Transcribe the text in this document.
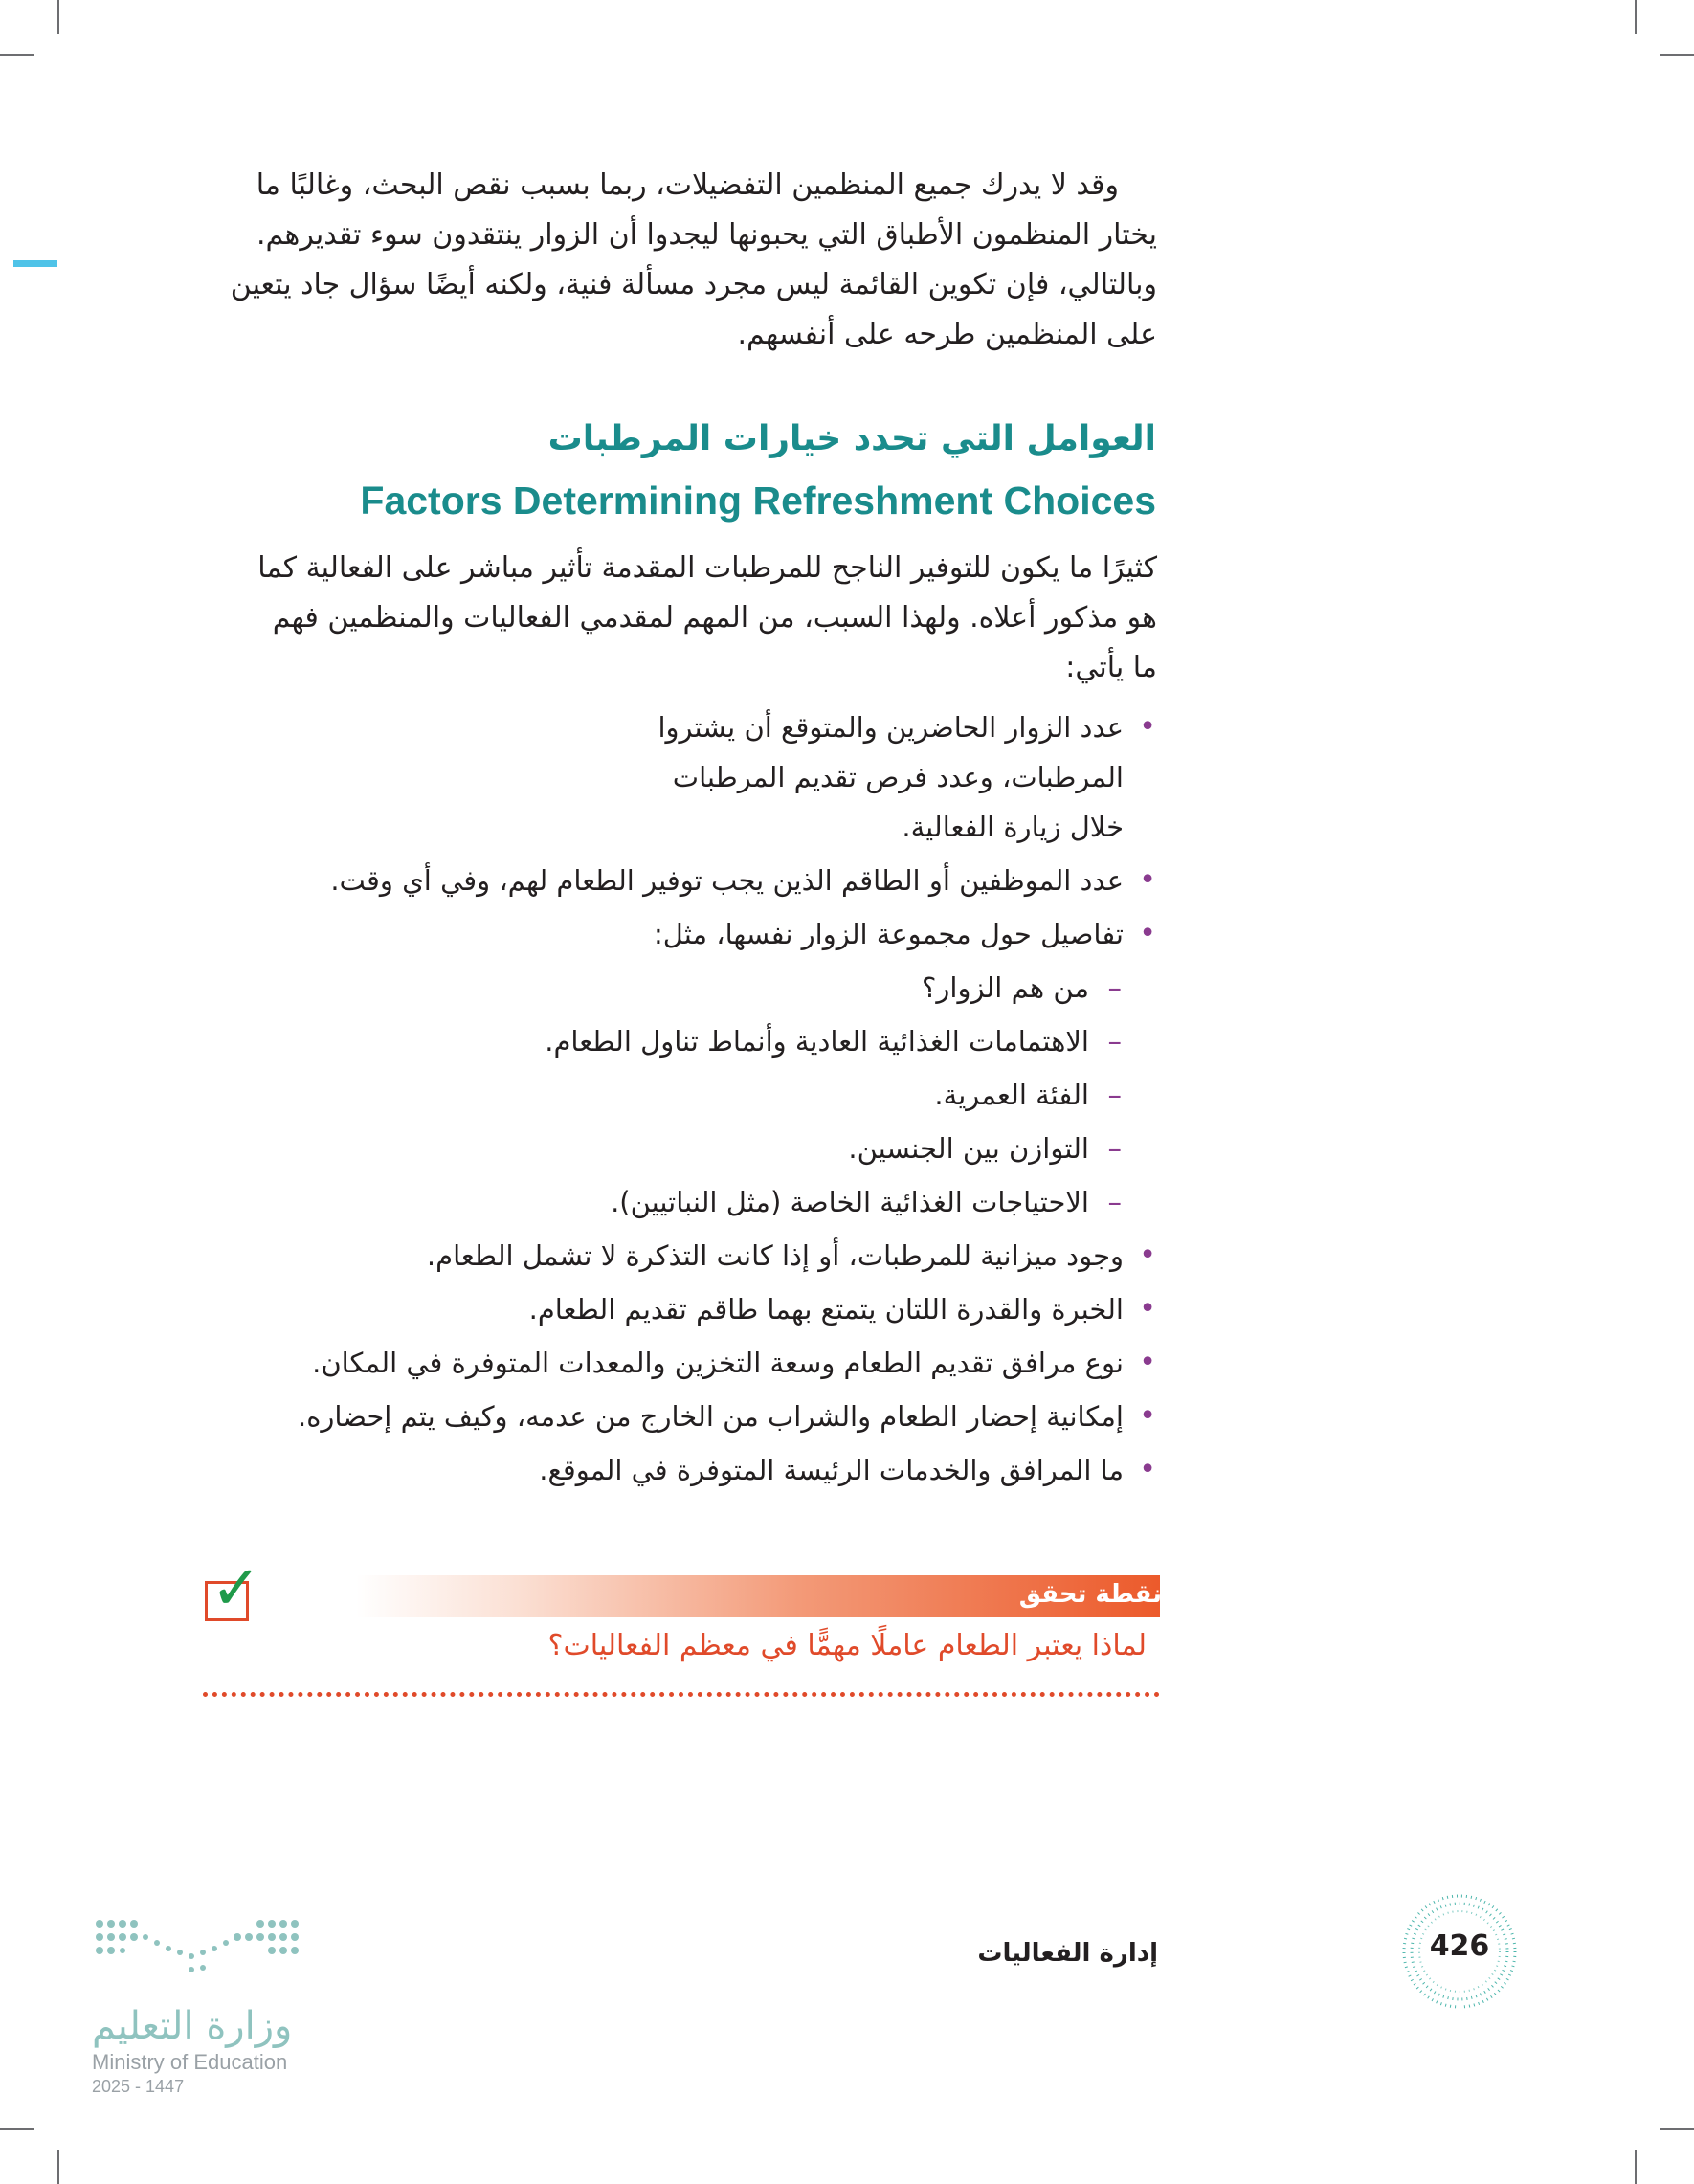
وقد لا يدرك جميع المنظمين التفضيلات، ربما بسبب نقص البحث، وغالبًا ما

يختار المنظمون الأطباق التي يحبونها ليجدوا أن الزوار ينتقدون سوء تقديرهم.

وبالتالي، فإن تكوين القائمة ليس مجرد مسألة فنية، ولكنه أيضًا سؤال جاد يتعين

على المنظمين طرحه على أنفسهم.

العوامل التي تحدد خيارات المرطبات
Factors Determining Refreshment Choices

كثيرًا ما يكون للتوفير الناجح للمرطبات المقدمة تأثير مباشر على الفعالية كما

هو مذكور أعلاه. ولهذا السبب، من المهم لمقدمي الفعاليات والمنظمين فهم

ما يأتي:

•
عدد الزوار الحاضرين والمتوقع أن يشتروا المرطبات، وعدد فرص تقديم المرطبات خلال زيارة الفعالية.
•
عدد الموظفين أو الطاقم الذين يجب توفير الطعام لهم، وفي أي وقت.
•
تفاصيل حول مجموعة الزوار نفسها، مثل:
–
من هم الزوار؟
–
الاهتمامات الغذائية العادية وأنماط تناول الطعام.
–
الفئة العمرية.
–
التوازن بين الجنسين.
–
الاحتياجات الغذائية الخاصة (مثل النباتيين).
•
وجود ميزانية للمرطبات، أو إذا كانت التذكرة لا تشمل الطعام.
•
الخبرة والقدرة اللتان يتمتع بهما طاقم تقديم الطعام.
•
نوع مرافق تقديم الطعام وسعة التخزين والمعدات المتوفرة في المكان.
•
إمكانية إحضار الطعام والشراب من الخارج من عدمه، وكيف يتم إحضاره.
•
ما المرافق والخدمات الرئيسة المتوفرة في الموقع.
نقطة تحقق
✓
لماذا يعتبر الطعام عاملًا مهمًّا في معظم الفعاليات؟
إدارة الفعاليات	426
وزارة التعليم
Ministry of Education
2025 - 1447
